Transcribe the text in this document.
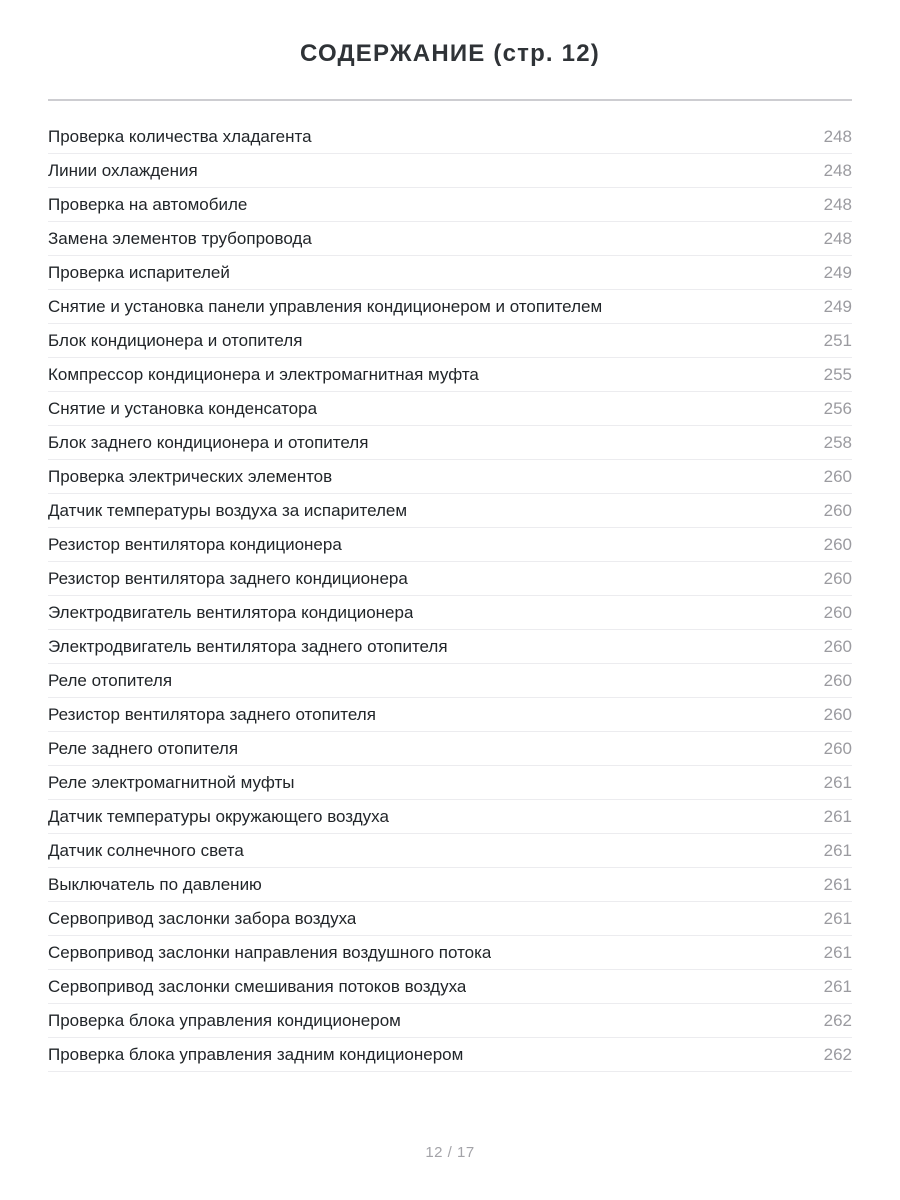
СОДЕРЖАНИЕ (стр. 12)
Проверка количества хладагента	248
Линии охлаждения	248
Проверка на автомобиле	248
Замена элементов трубопровода	248
Проверка испарителей	249
Снятие и установка панели управления кондиционером и отопителем	249
Блок кондиционера и отопителя	251
Компрессор кондиционера и электромагнитная муфта	255
Снятие и установка конденсатора	256
Блок заднего кондиционера и отопителя	258
Проверка электрических элементов	260
Датчик температуры воздуха за испарителем	260
Резистор вентилятора кондиционера	260
Резистор вентилятора заднего кондиционера	260
Электродвигатель вентилятора кондиционера	260
Электродвигатель вентилятора заднего отопителя	260
Реле отопителя	260
Резистор вентилятора заднего отопителя	260
Реле заднего отопителя	260
Реле электромагнитной муфты	261
Датчик температуры окружающего воздуха	261
Датчик солнечного света	261
Выключатель по давлению	261
Сервопривод заслонки забора воздуха	261
Сервопривод заслонки направления воздушного потока	261
Сервопривод заслонки смешивания потоков воздуха	261
Проверка блока управления кондиционером	262
Проверка блока управления задним кондиционером	262
12 / 17
